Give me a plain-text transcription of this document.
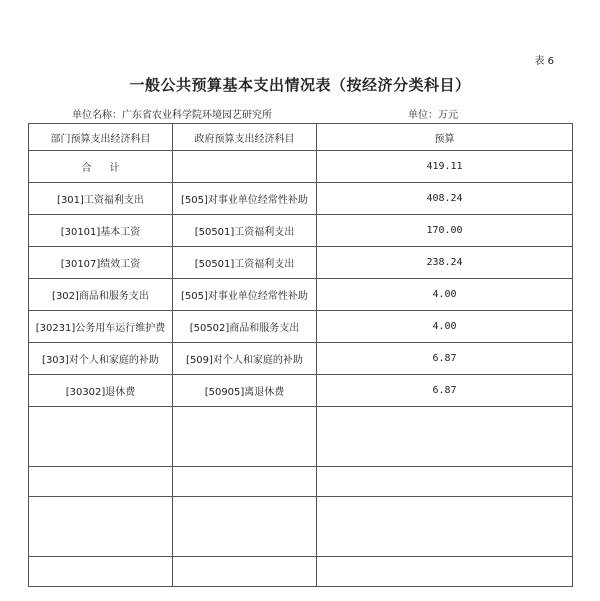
表 6
一般公共预算基本支出情况表（按经济分类科目）
单位名称：广东省农业科学院环境园艺研究所	单位：万元
部门预算支出经济科目	政府预算支出经济科目	预算
合计		419.11
[301]工资福利支出	[505]对事业单位经常性补助	408.24
[30101]基本工资	[50501]工资福利支出	170.00
[30107]绩效工资	[50501]工资福利支出	238.24
[302]商品和服务支出	[505]对事业单位经常性补助	4.00
[30231]公务用车运行维护费	[50502]商品和服务支出	4.00
[303]对个人和家庭的补助	[509]对个人和家庭的补助	6.87
[30302]退休费	[50905]离退休费	6.87
